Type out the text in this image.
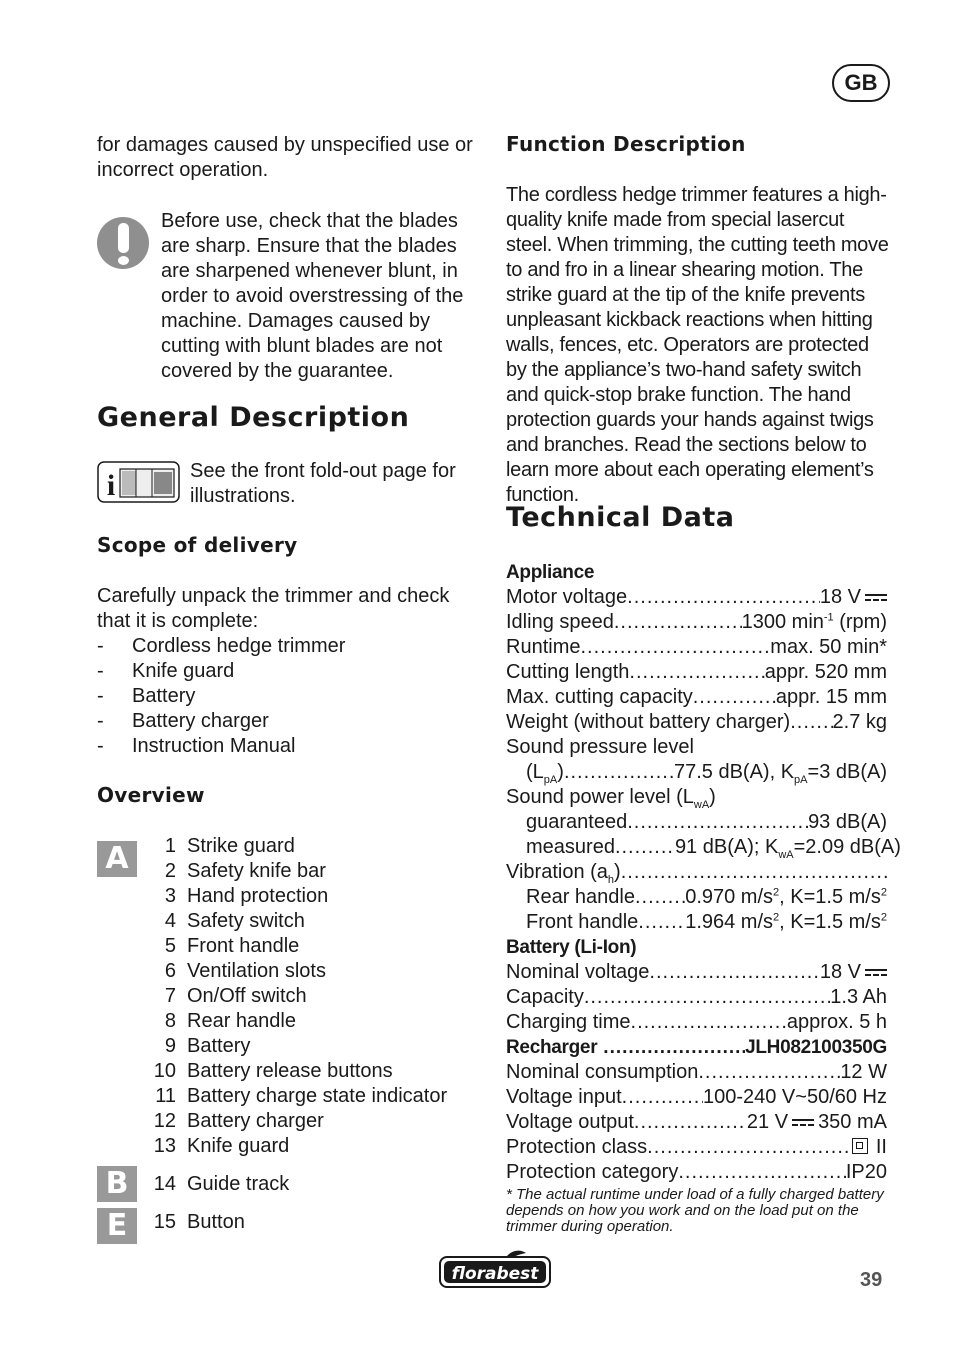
GB
for damages caused by unspecified use or incorrect operation.
Before use, check that the blades are sharp. Ensure that the blades are sharpened whenever blunt, in order to avoid overstressing of the machine. Damages caused by cutting with blunt blades are not covered by the guarantee.
General Description
i	See the front fold-out page for illustrations.
Scope of delivery
Carefully unpack the trimmer and check that it is complete:
- Cordless hedge trimmer
- Knife guard
- Battery
- Battery charger
- Instruction Manual
Overview
A	1 Strike guard
2 Safety knife bar
3 Hand protection
4 Safety switch
5 Front handle
6 Ventilation slots
7 On/Off switch
8 Rear handle
9 Battery
10 Battery release buttons
11 Battery charge state indicator
12 Battery charger
13 Knife guard
B	14 Guide track
E	15 Button
Function Description
The cordless hedge trimmer features a high-quality knife made from special lasercut steel. When trimming, the cutting teeth move to and fro in a linear shearing motion. The strike guard at the tip of the knife prevents unpleasant kickback reactions when hitting walls, fences, etc. Operators are protected by the appliance’s two-hand safety switch and quick-stop brake function. The hand protection guards your hands against twigs and branches. Read the sections below to learn more about each operating element’s function.
Technical Data
Appliance
Motor voltage .....	18 V
Idling speed .....	1300 $\min^{-1} (rpm)$
Runtime .....	max. 50 min*
Cutting length .....	appr. 520 mm
Max. cutting capacity .....	appr. 15 mm
Weight (without battery charger) ..... 2.7 kg
Sound pressure level
$(L_{pA})$ .....	77.5 dB(A), $K_{pA}=3$ dB(A)
Sound power level $(L_{wA})$
guaranteed .....	93 dB(A)
measured .....	91 dB(A); $K_{wA}=2.09$ dB(A)
Vibration $(a_h)$
.....
Rear handle .....	0.970 $m/s^2$, K=1.5 $m/s^2$
Front handle ..... 1.964 $m/s^2$, K=1.5 $m/s^2$
Battery (Li-Ion)
Nominal voltage .....	18 V
Capacity .....	1.3 Ah
Charging time .....	approx. 5 h
Recharger .....	JLH082100350G
Nominal consumption .....	12 W
Voltage input .....	100-240 V~50/60 Hz
Voltage output .....	21 V 350 mA
Protection class .....	II
Protection category .....	IP20
* The actual runtime under load of a fully charged battery depends on how you work and on the load put on the trimmer during operation.
florabest	39
